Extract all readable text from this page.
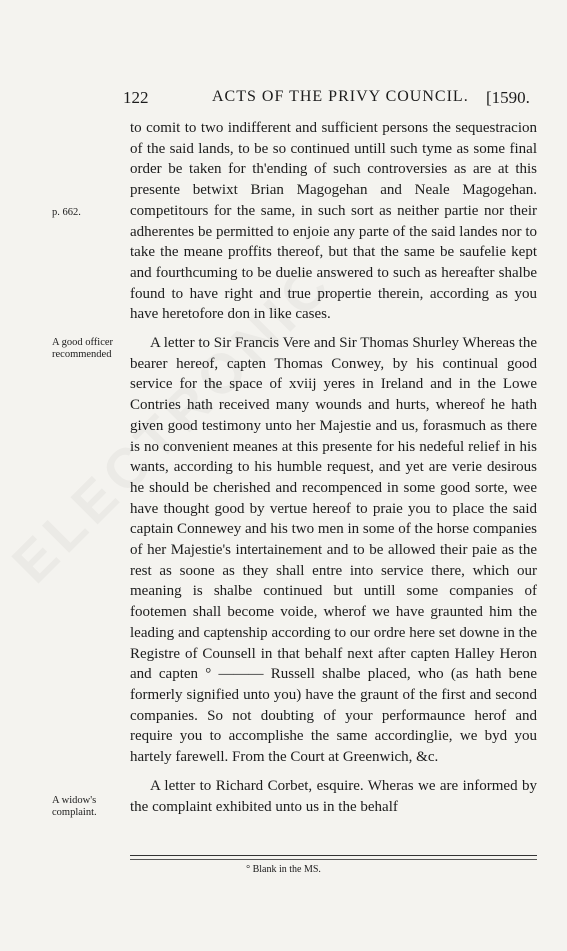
122	ACTS OF THE PRIVY COUNCIL. [1590.
p. 662.
A good officer recommended
A widow's complaint.

to comit to two indifferent and sufficient persons the sequestracion of the said lands, to be so continued untill such tyme as some final order be taken for th'ending of such controversies as are at this presente betwixt Brian Magogehan and Neale Magogehan. competitours for the same, in such sort as neither partie nor their adherentes be permitted to enjoie any parte of the said landes nor to take the meane proffits thereof, but that the same be saufelie kept and fourthcuming to be duelie answered to such as hereafter shalbe found to have right and true propertie therein, according as you have heretofore don in like cases.

A letter to Sir Francis Vere and Sir Thomas Shurley Whereas the bearer hereof, capten Thomas Conwey, by his continual good service for the space of xviij yeres in Ireland and in the Lowe Contries hath received many wounds and hurts, whereof he hath given good testimony unto her Majestie and us, forasmuch as there is no convenient meanes at this presente for his nedeful relief in his wants, according to his humble request, and yet are verie desirous he should be cherished and recompenced in some good sorte, wee have thought good by vertue hereof to praie you to place the said captain Connewey and his two men in some of the horse companies of her Majestie's intertainement and to be allowed their paie as the rest as soone as they shall entre into service there, which our meaning is shalbe continued but untill some companies of footemen shall become voide, wherof we have graunted him the leading and captenship according to our ordre here set downe in the Registre of Counsell in that behalf next after capten Halley Heron and capten ° ——— Russell shalbe placed, who (as hath bene formerly signified unto you) have the graunt of the first and second companies. So not doubting of your performaunce herof and require you to accomplishe the same accordinglie, we byd you hartely farewell. From the Court at Greenwich, &c.

A letter to Richard Corbet, esquire. Wheras we are informed by the complaint exhibited unto us in the behalf

° Blank in the MS.
